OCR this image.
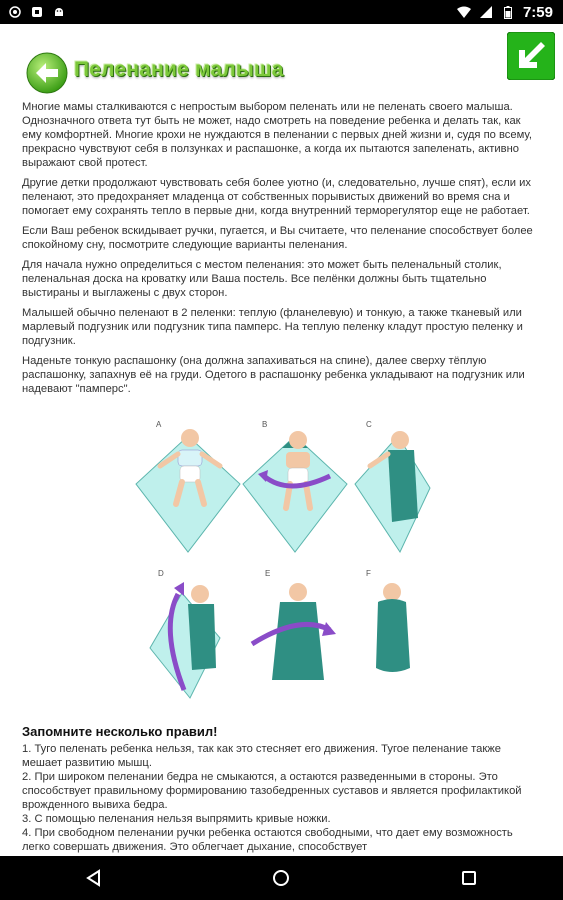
7:59
Пеленание малыша

Многие мамы сталкиваются с непростым выбором пеленать или не пеленать своего малыша. Однозначного ответа тут быть не может, надо смотреть на поведение ребенка и делать так, как ему комфортней. Многие крохи не нуждаются в пеленании с первых дней жизни и, судя по всему, прекрасно чувствуют себя в ползунках и распашонке, а когда их пытаются запеленать, активно выражают свой протест.

Другие детки продолжают чувствовать себя более уютно (и, следовательно, лучше спят), если их пеленают, это предохраняет младенца от собственных порывистых движений во время сна и помогает ему сохранять тепло в первые дни, когда внутренний терморегулятор еще не работает.

Если Ваш ребенок вскидывает ручки, пугается, и Вы считаете, что пеленание способствует более спокойному сну, посмотрите следующие варианты пеленания.

Для начала нужно определиться с местом пеленания: это может быть пеленальный столик, пеленальная доска на кроватку или Ваша постель. Все пелёнки должны быть тщательно выстираны и выглажены с двух сторон.

Малышей обычно пеленают в 2 пеленки: теплую (фланелевую) и тонкую, а также тканевый или марлевый подгузник или подгузник типа памперс. На теплую пеленку кладут простую пеленку и подгузник.

Наденьте тонкую распашонку (она должна запахиваться на спине), далее сверху тёплую распашонку, запахнув её на груди. Одетого в распашонку ребенка укладывают на подгузник или надевают "памперс".

A	B	C
D	E	F
Запомните несколько правил!
1. Туго пеленать ребенка нельзя, так как это стесняет его движения. Тугое пеленание также мешает развитию мышц.
2. При широком пеленании бедра не смыкаются, а остаются разведенными в стороны. Это способствует правильному формированию тазобедренных суставов и является профилактикой врожденного вывиха бедра.
3. С помощью пеленания нельзя выпрямить кривые ножки.
4. При свободном пеленании ручки ребенка остаются свободными, что дает ему возможность легко совершать движения. Это облегчает дыхание, способствует
